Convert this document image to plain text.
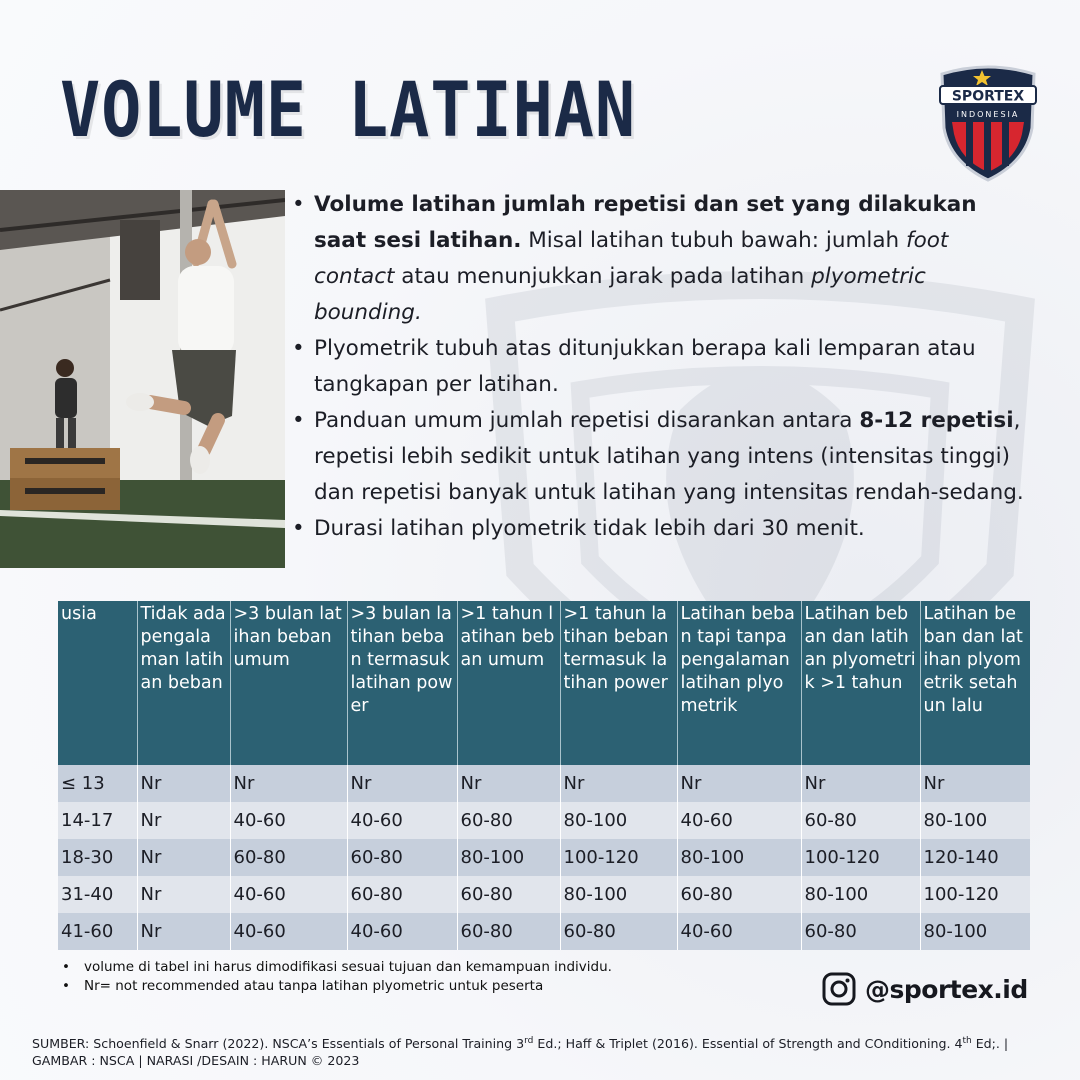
VOLUME LATIHAN	SPORTEX
INDONESIA
• Volume latihan jumlah repetisi dan set yang dilakukan saat sesi latihan. Misal latihan tubuh bawah: jumlah foot contact atau menunjukkan jarak pada latihan plyometric bounding.
• Plyometrik tubuh atas ditunjukkan berapa kali lemparan atau tangkapan per latihan.
• Panduan umum jumlah repetisi disarankan antara 8-12 repetisi, repetisi lebih sedikit untuk latihan yang intens (intensitas tinggi) dan repetisi banyak untuk latihan yang intensitas rendah-sedang.
• Durasi latihan plyometrik tidak lebih dari 30 menit.
usia	Tidak ada pengalaman latihan beban	>3 bulan latihan beban umum	>3 bulan latihan beban termasuk latihan power	>1 tahun latihan beban umum	>1 tahun latihan beban termasuk latihan power	Latihan beban tapi tanpa pengalaman latihan plyometrik	Latihan beban dan latihan plyometrik >1 tahun	Latihan beban dan latihan plyometrik setahun lalu
≤ 13	Nr	Nr	Nr	Nr	Nr	Nr	Nr	Nr
14-17	Nr	40-60	40-60	60-80	80-100	40-60	60-80	80-100
18-30	Nr	60-80	60-80	80-100	100-120	80-100	100-120	120-140
31-40	Nr	40-60	60-80	60-80	80-100	60-80	80-100	100-120
41-60	Nr	40-60	40-60	60-80	60-80	40-60	60-80	80-100
• volume di tabel ini harus dimodifikasi sesuai tujuan dan kemampuan individu.
• Nr= not recommended atau tanpa latihan plyometric untuk peserta	@sportex.id

SUMBER: Schoenfield & Snarr (2022). NSCA’s Essentials of Personal Training 3rd Ed.; Haff & Triplet (2016). Essential of Strength and COnditioning. 4th Ed;. | GAMBAR : NSCA | NARASI /DESAIN : HARUN © 2023
